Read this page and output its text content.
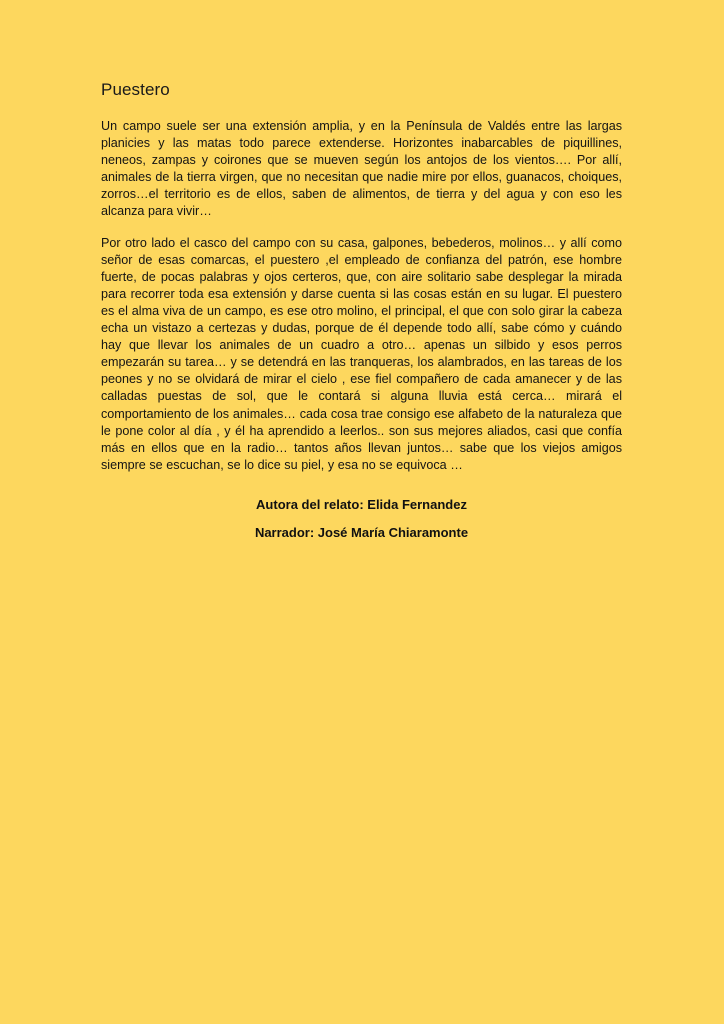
Puestero

Un campo suele ser una extensión amplia, y en la Península de Valdés entre las largas planicies y las matas todo parece extenderse. Horizontes inabarcables de piquillines, neneos, zampas y coirones que se mueven según los antojos de los vientos…. Por allí, animales de la tierra virgen, que no necesitan que nadie mire por ellos, guanacos, choiques, zorros…el territorio es de ellos, saben de alimentos, de tierra y del agua y con eso les alcanza para vivir…

Por otro lado el casco del campo con su casa, galpones, bebederos, molinos… y allí como señor de esas comarcas, el puestero ,el empleado de confianza del patrón, ese hombre fuerte, de pocas palabras y ojos certeros, que, con aire solitario sabe desplegar la mirada para recorrer toda esa extensión y darse cuenta si las cosas están en su lugar. El puestero es el alma viva de un campo, es ese otro molino, el principal, el que con solo girar la cabeza echa un vistazo a certezas y dudas, porque de él depende todo allí, sabe cómo y cuándo hay que llevar los animales de un cuadro a otro… apenas un silbido y esos perros empezarán su tarea… y se detendrá en las tranqueras, los alambrados, en las tareas de los peones y no se olvidará de mirar el cielo , ese fiel compañero de cada amanecer y de las calladas puestas de sol, que le contará si alguna lluvia está cerca… mirará el comportamiento de los animales… cada cosa trae consigo ese alfabeto de la naturaleza que le pone color al día , y él ha aprendido a leerlos.. son sus mejores aliados, casi que confía más en ellos que en la radio… tantos años llevan juntos… sabe que los viejos amigos siempre se escuchan, se lo dice su piel, y esa no se equivoca …

Autora del relato: Elida Fernandez

Narrador: José María Chiaramonte
